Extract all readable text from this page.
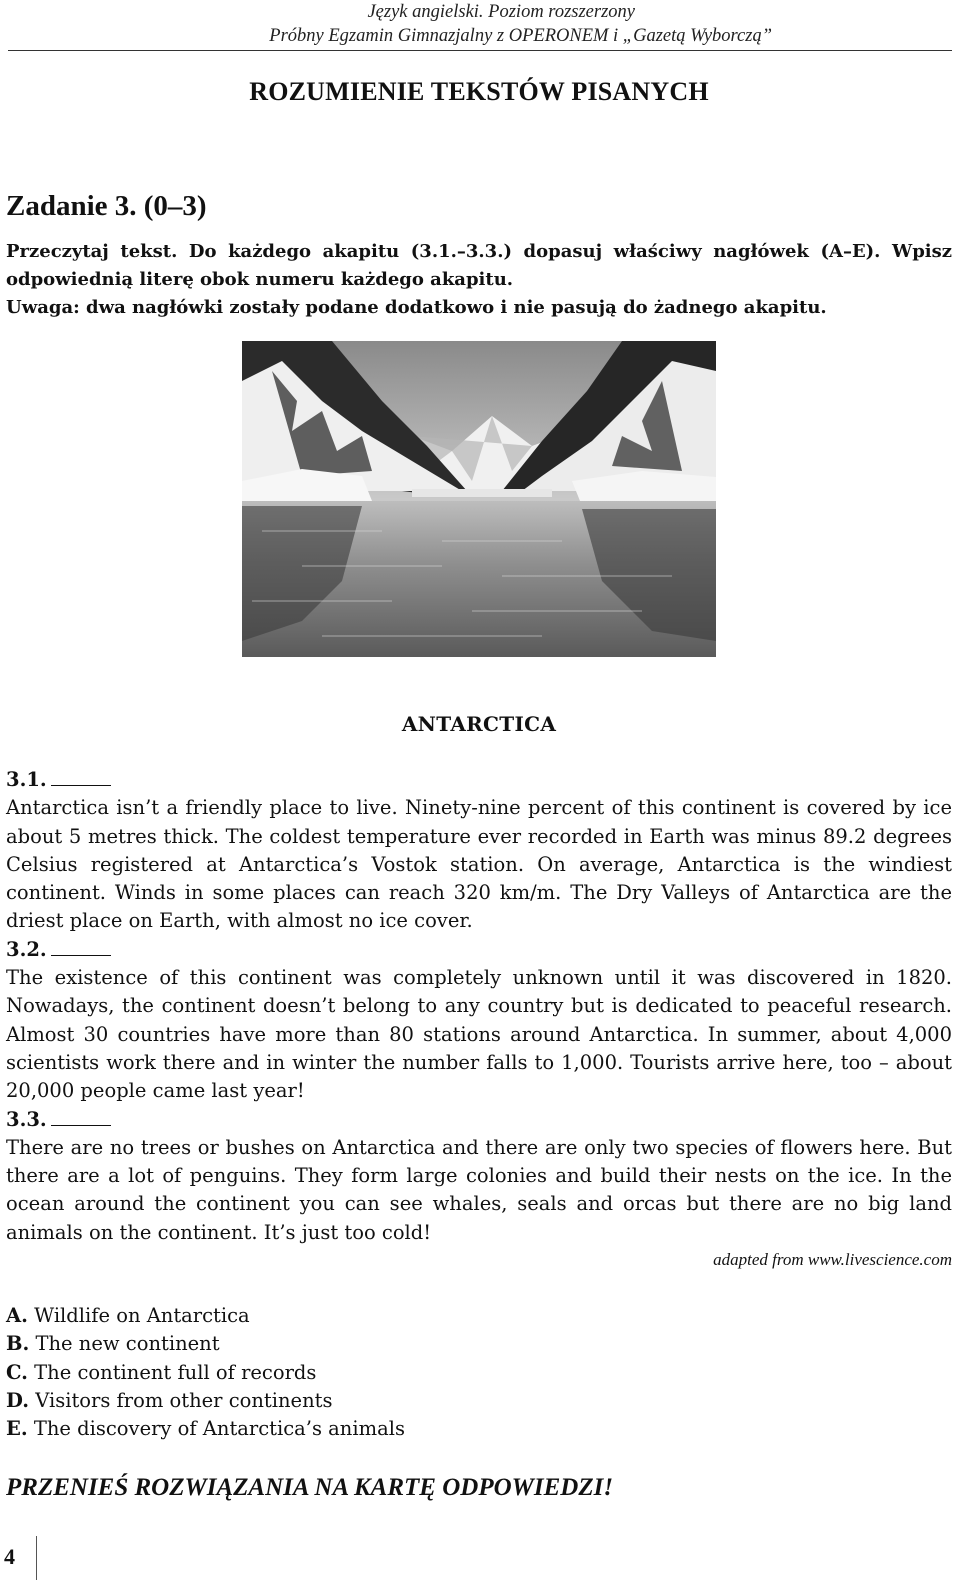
Język angielski. Poziom rozszerzony
Próbny Egzamin Gimnazjalny z OPERONEM i „Gazetą Wyborczą”
ROZUMIENIE TEKSTÓW PISANYCH
Zadanie 3. (0–3)

Przeczytaj tekst. Do każdego akapitu (3.1.–3.3.) dopasuj właściwy nagłówek (A–E). Wpisz odpowiednią literę obok numeru każdego akapitu.

Uwaga: dwa nagłówki zostały podane dodatkowo i nie pasują do żadnego akapitu.

ANTARCTICA
3.1.

Antarctica isn’t a friendly place to live. Ninety-nine percent of this continent is covered by ice about 5 metres thick. The coldest temperature ever recorded in Earth was minus 89.2 degrees Celsius registered at Antarctica’s Vostok station. On average, Antarctica is the windiest continent. Winds in some places can reach 320 km/m. The Dry Valleys of Antarctica are the driest place on Earth, with almost no ice cover.

3.2.

The existence of this continent was completely unknown until it was discovered in 1820. Nowadays, the continent doesn’t belong to any country but is dedicated to peaceful research. Almost 30 countries have more than 80 stations around Antarctica. In summer, about 4,000 scientists work there and in winter the number falls to 1,000. Tourists arrive here, too – about 20,000 people came last year!

3.3.

There are no trees or bushes on Antarctica and there are only two species of flowers here. But there are a lot of penguins. They form large colonies and build their nests on the ice. In the ocean around the continent you can see whales, seals and orcas but there are no big land animals on the continent. It’s just too cold!

adapted from www.livescience.com
A. Wildlife on Antarctica
B. The new continent
C. The continent full of records
D. Visitors from other continents
E. The discovery of Antarctica’s animals
PRZENIEŚ ROZWIĄZANIA NA KARTĘ ODPOWIEDZI!
4
